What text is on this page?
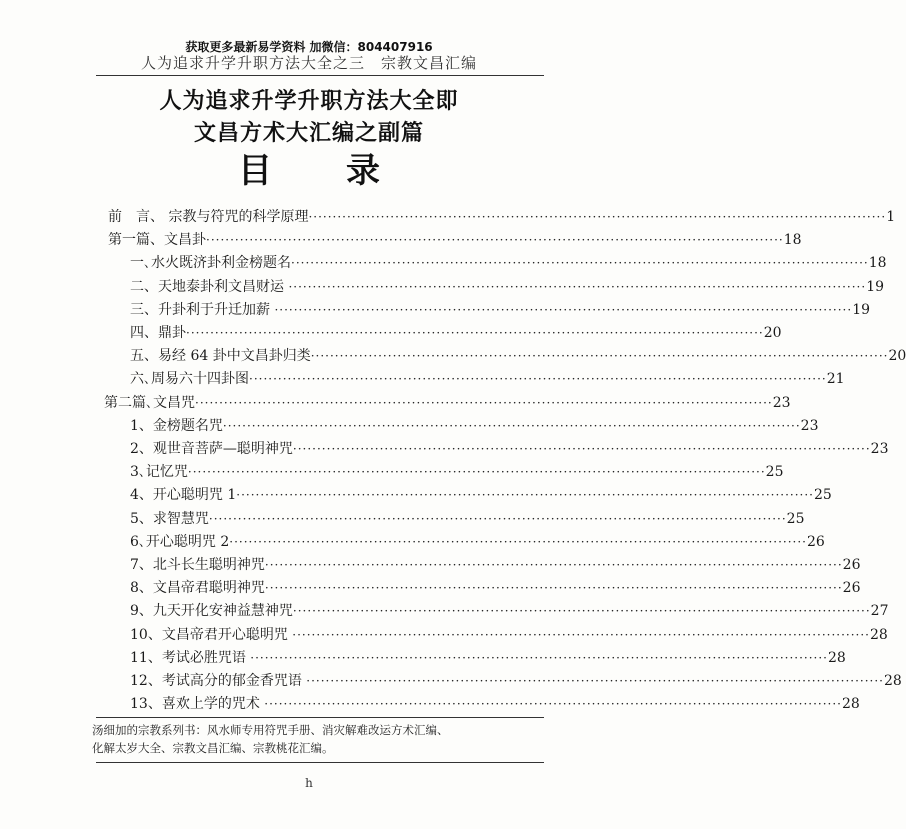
获取更多最新易学资料 加微信：804407916
人为追求升学升职方法大全之三　宗教文昌汇编
人为追求升学升职方法大全即
文昌方术大汇编之副篇
目录
前　言、 宗教与符咒的科学原理 ························································································································ 1
第一篇、文昌卦 ························································································································ 18
一､水火既济卦利金榜题名 ························································································································ 18
二、天地泰卦利文昌财运 ························································································································ 19
三、升卦利于升迁加薪 ························································································································ 19
四、鼎卦 ························································································································ 20
五、易经 64 卦中文昌卦归类 ························································································································ 20
六､周易六十四卦图 ························································································································ 21
第二篇､文昌咒 ························································································································ 23
1、金榜题名咒 ························································································································ 23
2、观世音菩萨—聪明神咒 ························································································································ 23
3､记忆咒 ························································································································ 25
4、开心聪明咒 1 ························································································································ 25
5、求智慧咒 ························································································································ 25
6､开心聪明咒 2 ························································································································ 26
7、北斗长生聪明神咒 ························································································································ 26
8、文昌帝君聪明神咒 ························································································································ 26
9、九天开化安神益慧神咒 ························································································································ 27
10、文昌帝君开心聪明咒 ························································································································ 28
11、考试必胜咒语 ························································································································ 28
12、考试高分的郁金香咒语 ························································································································ 28
13、喜欢上学的咒术 ························································································································ 28
汤细加的宗教系列书：风水师专用符咒手册、消灾解难改运方术汇编、
化解太岁大全、宗教文昌汇编、宗教桃花汇编。
h
